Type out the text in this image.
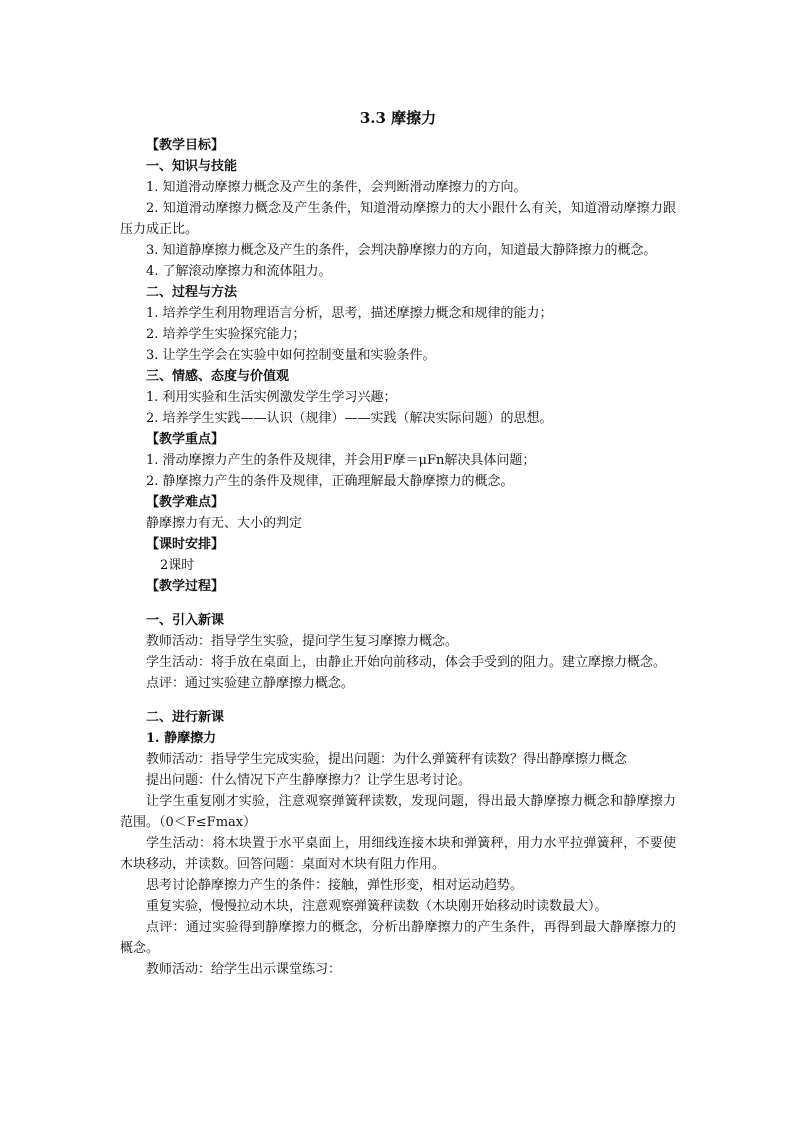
3.3 摩擦力
【教学目标】
一、知识与技能
1. 知道滑动摩擦力概念及产生的条件，会判断滑动摩擦力的方向。
2. 知道滑动摩擦力概念及产生条件，知道滑动摩擦力的大小跟什么有关，知道滑动摩擦力跟压力成正比。
3. 知道静摩擦力概念及产生的条件，会判决静摩擦力的方向，知道最大静降擦力的概念。
4. 了解滚动摩擦力和流体阻力。
二、过程与方法
1. 培养学生利用物理语言分析，思考，描述摩擦力概念和规律的能力；
2. 培养学生实验探究能力；
3. 让学生学会在实验中如何控制变量和实验条件。
三、情感、态度与价值观
1. 利用实验和生活实例激发学生学习兴趣；
2. 培养学生实践——认识（规律）——实践（解决实际问题）的思想。
【教学重点】
1. 滑动摩擦力产生的条件及规律，并会用F摩＝μFn解决具体问题；
2. 静摩擦力产生的条件及规律，正确理解最大静摩擦力的概念。
【教学难点】
静摩擦力有无、大小的判定
【课时安排】
2课时
【教学过程】
一、引入新课
教师活动：指导学生实验，提问学生复习摩擦力概念。
学生活动：将手放在桌面上，由静止开始向前移动，体会手受到的阻力。建立摩擦力概念。
点评：通过实验建立静摩擦力概念。
二、进行新课
1. 静摩擦力
教师活动：指导学生完成实验，提出问题：为什么弹簧秤有读数？得出静摩擦力概念
提出问题：什么情况下产生静摩擦力？让学生思考讨论。
让学生重复刚才实验，注意观察弹簧秤读数，发现问题，得出最大静摩擦力概念和静摩擦力范围。（0＜F≤Fmax）
学生活动：将木块置于水平桌面上，用细线连接木块和弹簧秤，用力水平拉弹簧秤，不要使木块移动，并读数。回答问题：桌面对木块有阻力作用。
思考讨论静摩擦力产生的条件：接触，弹性形变，相对运动趋势。
重复实验，慢慢拉动木块，注意观察弹簧秤读数（木块刚开始移动时读数最大）。
点评：通过实验得到静摩擦力的概念，分析出静摩擦力的产生条件，再得到最大静摩擦力的概念。
教师活动：给学生出示课堂练习：
